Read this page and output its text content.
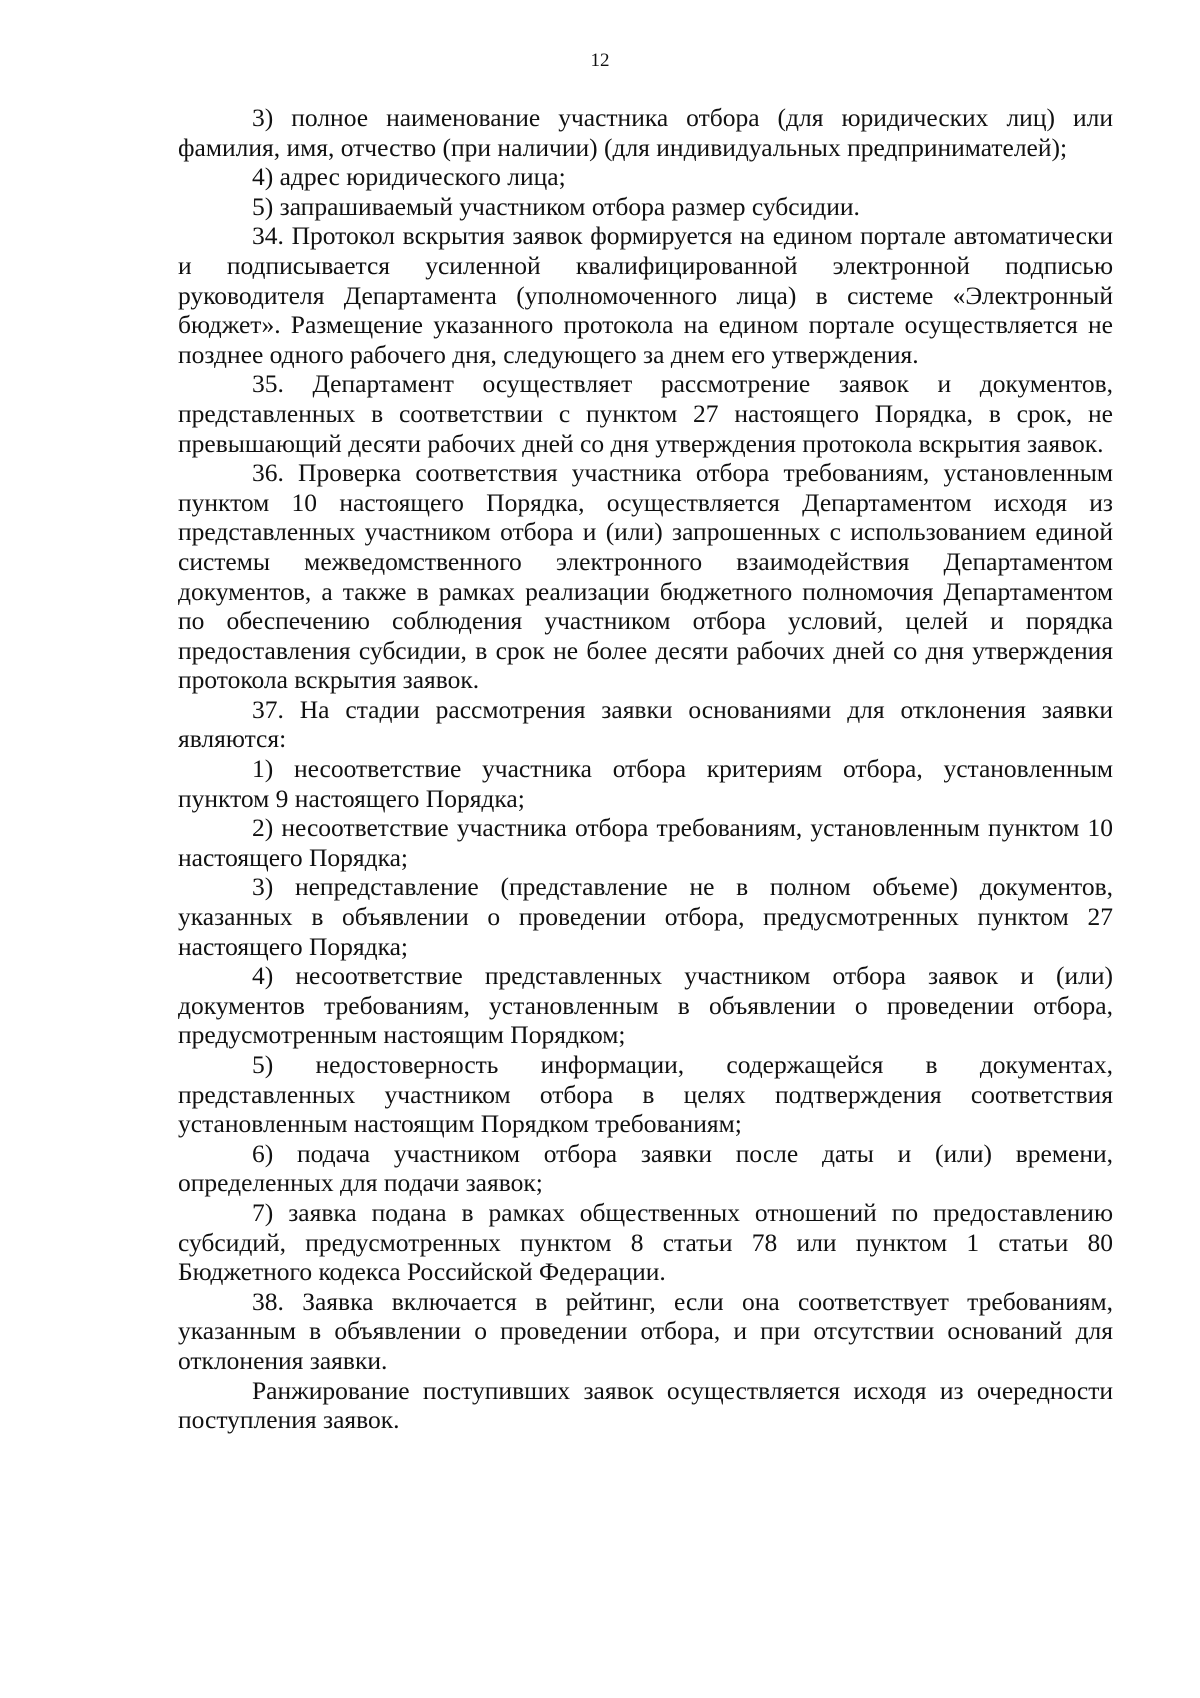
12

3) полное наименование участника отбора (для юридических лиц) или фамилия, имя, отчество (при наличии) (для индивидуальных предпринимателей);

4) адрес юридического лица;

5) запрашиваемый участником отбора размер субсидии.

34. Протокол вскрытия заявок формируется на едином портале автоматически и подписывается усиленной квалифицированной электронной подписью руководителя Департамента (уполномоченного лица) в системе «Электронный бюджет». Размещение указанного протокола на едином портале осуществляется не позднее одного рабочего дня, следующего за днем его утверждения.

35. Департамент осуществляет рассмотрение заявок и документов, представленных в соответствии с пунктом 27 настоящего Порядка, в срок, не превышающий десяти рабочих дней со дня утверждения протокола вскрытия заявок.

36. Проверка соответствия участника отбора требованиям, установленным пунктом 10 настоящего Порядка, осуществляется Департаментом исходя из представленных участником отбора и (или) запрошенных с использованием единой системы межведомственного электронного взаимодействия Департаментом документов, а также в рамках реализации бюджетного полномочия Департаментом по обеспечению соблюдения участником отбора условий, целей и порядка предоставления субсидии, в срок не более десяти рабочих дней со дня утверждения протокола вскрытия заявок.

37. На стадии рассмотрения заявки основаниями для отклонения заявки являются:

1) несоответствие участника отбора критериям отбора, установленным пунктом 9 настоящего Порядка;

2) несоответствие участника отбора требованиям, установленным пунктом 10 настоящего Порядка;

3) непредставление (представление не в полном объеме) документов, указанных в объявлении о проведении отбора, предусмотренных пунктом 27 настоящего Порядка;

4) несоответствие представленных участником отбора заявок и (или) документов требованиям, установленным в объявлении о проведении отбора, предусмотренным настоящим Порядком;

5) недостоверность информации, содержащейся в документах, представленных участником отбора в целях подтверждения соответствия установленным настоящим Порядком требованиям;

6) подача участником отбора заявки после даты и (или) времени, определенных для подачи заявок;

7) заявка подана в рамках общественных отношений по предоставлению субсидий, предусмотренных пунктом 8 статьи 78 или пунктом 1 статьи 80 Бюджетного кодекса Российской Федерации.

38. Заявка включается в рейтинг, если она соответствует требованиям, указанным в объявлении о проведении отбора, и при отсутствии оснований для отклонения заявки.

Ранжирование поступивших заявок осуществляется исходя из очередности поступления заявок.
